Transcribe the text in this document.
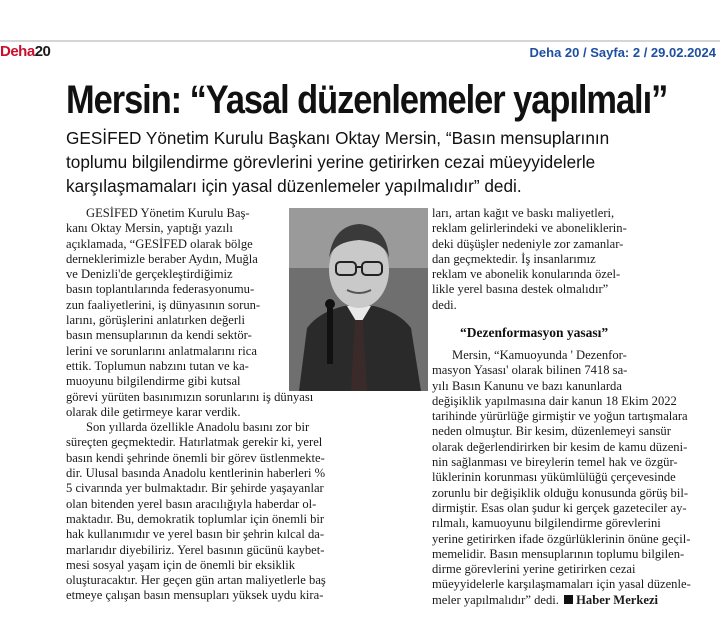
Deha20	Deha 20 / Sayfa: 2 / 29.02.2024
Mersin: “Yasal düzenlemeler yapılmalı”
GESİFED Yönetim Kurulu Başkanı Oktay Mersin, “Basın mensuplarının
toplumu bilgilendirme görevlerini yerine getirirken cezai müeyyidelerle
karşılaşmamaları için yasal düzenlemeler yapılmalıdır” dedi.
GESİFED Yönetim Kurulu Baş-
kanı Oktay Mersin, yaptığı yazılı
açıklamada, “GESİFED olarak bölge
derneklerimizle beraber Aydın, Muğla
ve Denizli'de gerçekleştirdiğimiz
basın toplantılarında federasyonumu-
zun faaliyetlerini, iş dünyasının sorun-
larını, görüşlerini anlatırken değerli
basın mensuplarının da kendi sektör-
lerini ve sorunlarını anlatmalarını rica
ettik. Toplumun nabzını tutan ve ka-
muoyunu bilgilendirme gibi kutsal
görevi yürüten basınımızın sorunlarını iş dünyası
olarak dile getirmeye karar verdik.
Son yıllarda özellikle Anadolu basını zor bir
süreçten geçmektedir. Hatırlatmak gerekir ki, yerel
basın kendi şehrinde önemli bir görev üstlenmekte-
dir. Ulusal basında Anadolu kentlerinin haberleri %
5 civarında yer bulmaktadır. Bir şehirde yaşayanlar
olan bitenden yerel basın aracılığıyla haberdar ol-
maktadır. Bu, demokratik toplumlar için önemli bir
hak kullanımıdır ve yerel basın bir şehrin kılcal da-
marlarıdır diyebiliriz. Yerel basının gücünü kaybet-
mesi sosyal yaşam için de önemli bir eksiklik
oluşturacaktır. Her geçen gün artan maliyetlerle baş
etmeye çalışan basın mensupları yüksek uydu kira-
ları, artan kağıt ve baskı maliyetleri,
reklam gelirlerindeki ve aboneliklerin-
deki düşüşler nedeniyle zor zamanlar-
dan geçmektedir. İş insanlarımız
reklam ve abonelik konularında özel-
likle yerel basına destek olmalıdır”
dedi.
“Dezenformasyon yasası”
Mersin, “Kamuoyunda ' Dezenfor-
masyon Yasası' olarak bilinen 7418 sa-
yılı Basın Kanunu ve bazı kanunlarda
değişiklik yapılmasına dair kanun 18 Ekim 2022
tarihinde yürürlüğe girmiştir ve yoğun tartışmalara
neden olmuştur. Bir kesim, düzenlemeyi sansür
olarak değerlendirirken bir kesim de kamu düzeni-
nin sağlanması ve bireylerin temel hak ve özgür-
lüklerinin korunması yükümlülüğü çerçevesinde
zorunlu bir değişiklik olduğu konusunda görüş bil-
dirmiştir. Esas olan şudur ki gerçek gazeteciler ay-
rılmalı, kamuoyunu bilgilendirme görevlerini
yerine getirirken ifade özgürlüklerinin önüne geçil-
memelidir. Basın mensuplarının toplumu bilgilen-
dirme görevlerini yerine getirirken cezai
müeyyidelerle karşılaşmamaları için yasal düzenle-
meler yapılmalıdır” dedi. Haber Merkezi
